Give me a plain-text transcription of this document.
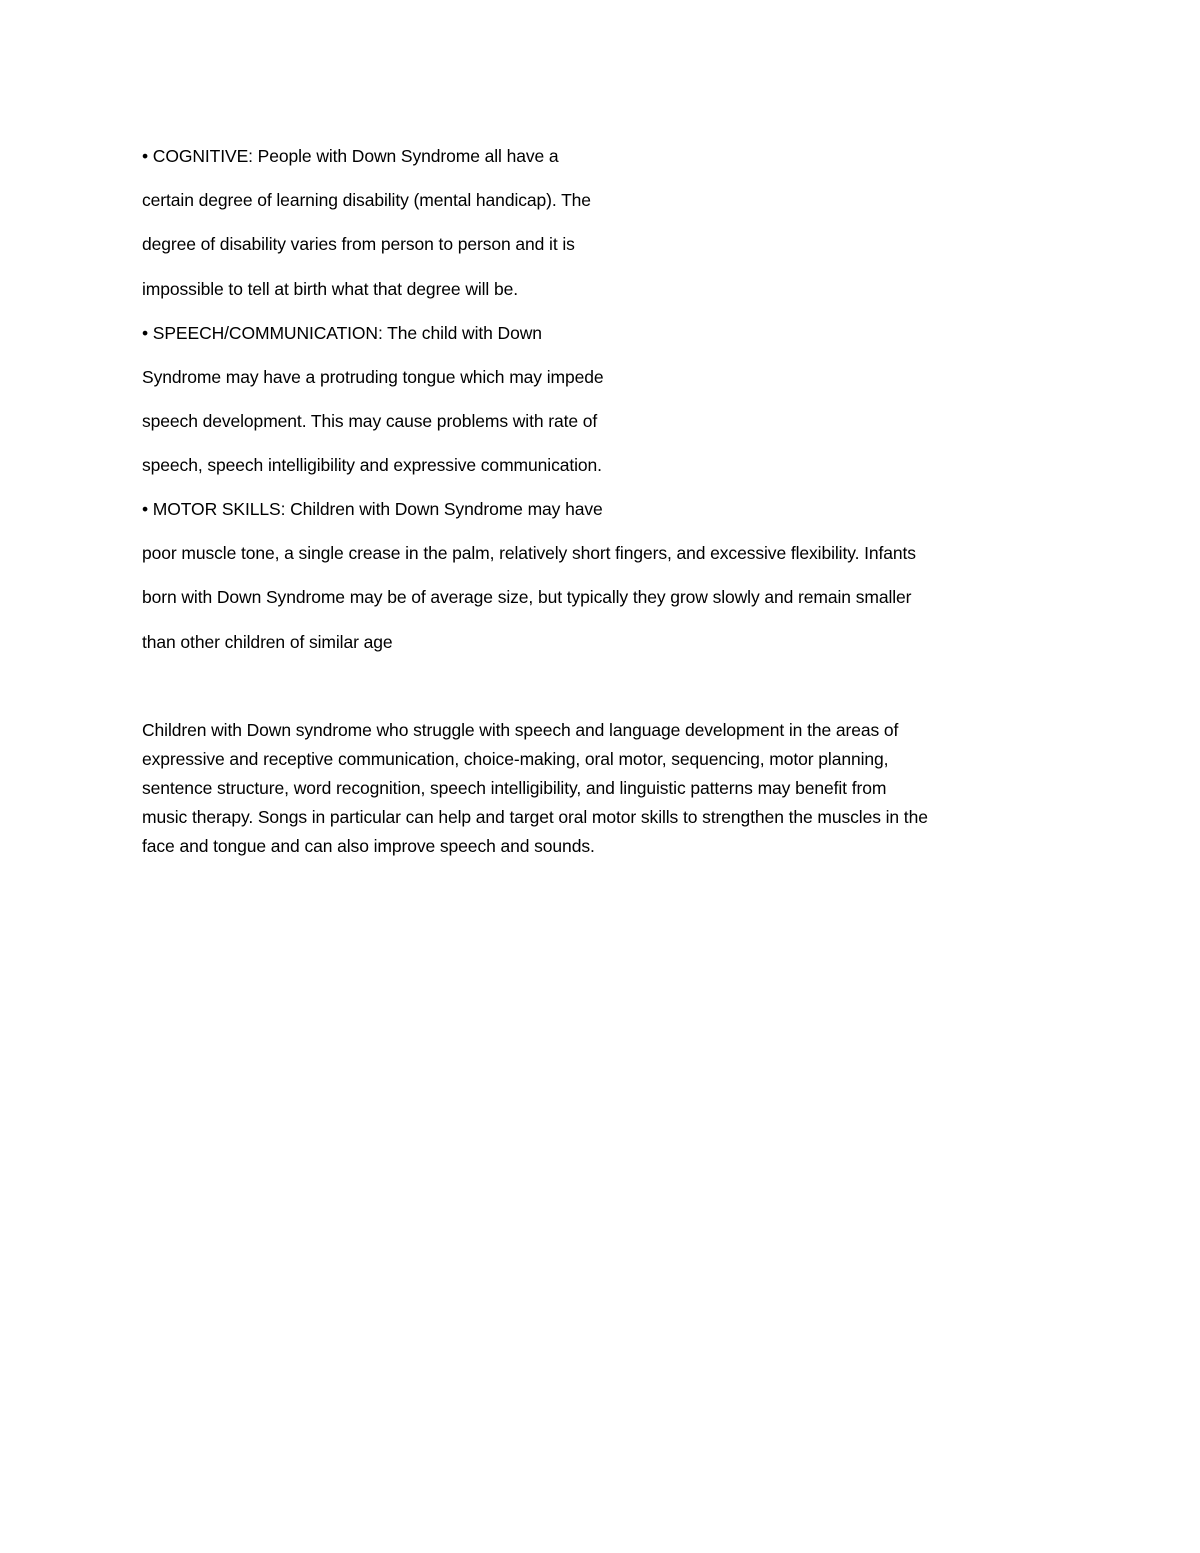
• COGNITIVE: People with Down Syndrome all have a
certain degree of learning disability (mental handicap). The
degree of disability varies from person to person and it is
impossible to tell at birth what that degree will be.
• SPEECH/COMMUNICATION: The child with Down
Syndrome may have a protruding tongue which may impede
speech development. This may cause problems with rate of
speech, speech intelligibility and expressive communication.
• MOTOR SKILLS: Children with Down Syndrome may have
poor muscle tone, a single crease in the palm, relatively short fingers, and excessive flexibility. Infants
born with Down Syndrome may be of average size, but typically they grow slowly and remain smaller
than other children of similar age
Children with Down syndrome who struggle with speech and language development in the areas of
expressive and receptive communication, choice-making, oral motor, sequencing, motor planning,
sentence structure, word recognition, speech intelligibility, and linguistic patterns may benefit from
music therapy. Songs in particular can help and target oral motor skills to strengthen the muscles in the
face and tongue and can also improve speech and sounds.
